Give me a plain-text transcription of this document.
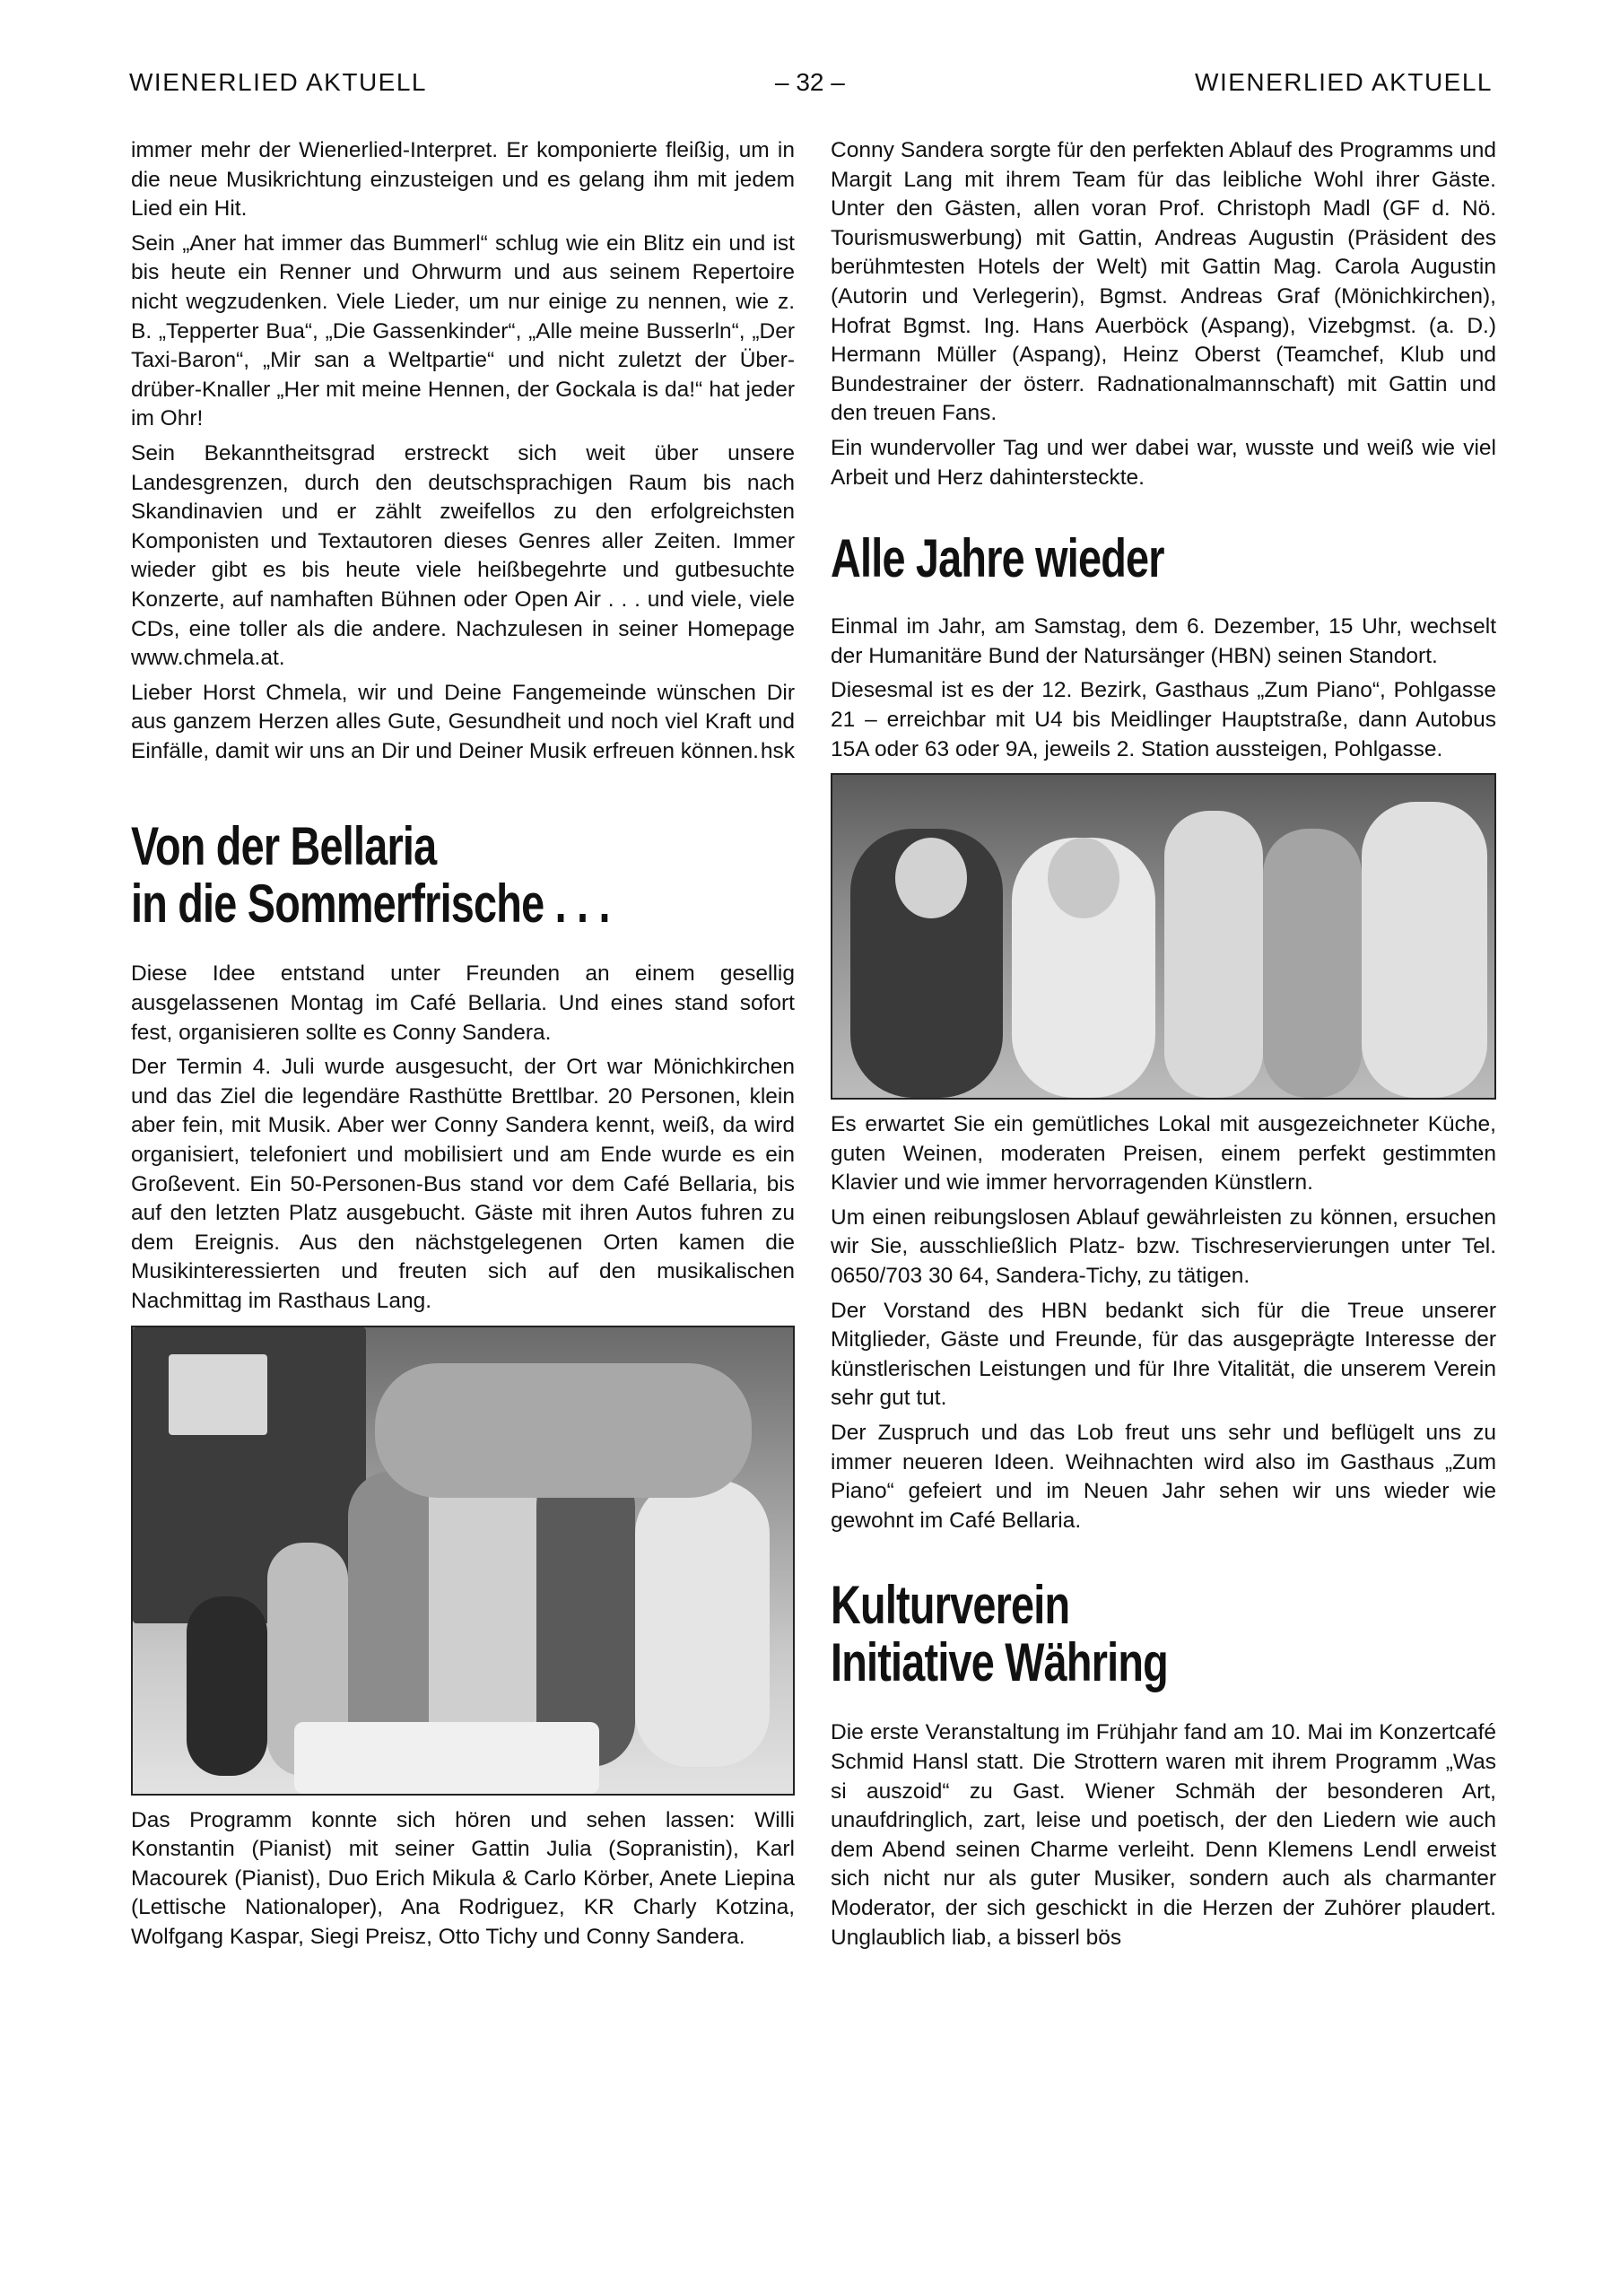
WIENERLIED AKTUELL	– 32 –	WIENERLIED AKTUELL

immer mehr der Wienerlied-Interpret. Er komponierte fleißig, um in die neue Musikrichtung einzusteigen und es gelang ihm mit jedem Lied ein Hit.

Sein „Aner hat immer das Bummerl“ schlug wie ein Blitz ein und ist bis heute ein Renner und Ohrwurm und aus seinem Repertoire nicht wegzudenken. Viele Lieder, um nur einige zu nennen, wie z. B. „Tepperter Bua“, „Die Gassenkinder“, „Alle meine Busserln“, „Der Taxi-Baron“, „Mir san a Weltpartie“ und nicht zuletzt der Über-drüber-Knaller „Her mit meine Hennen, der Gockala is da!“ hat jeder im Ohr!

Sein Bekanntheitsgrad erstreckt sich weit über unsere Landesgrenzen, durch den deutschsprachigen Raum bis nach Skandinavien und er zählt zweifellos zu den erfolgreichsten Komponisten und Textautoren dieses Genres aller Zeiten. Immer wieder gibt es bis heute viele heißbegehrte und gutbesuchte Konzerte, auf namhaften Bühnen oder Open Air . . . und viele, viele CDs, eine toller als die andere. Nachzulesen in seiner Homepage www.chmela.at.

Lieber Horst Chmela, wir und Deine Fangemeinde wünschen Dir aus ganzem Herzen alles Gute, Gesundheit und noch viel Kraft und Einfälle, damit wir uns an Dir und Deiner Musik erfreuen können. hsk

Von der Bellaria
in die Sommerfrische . . .

Diese Idee entstand unter Freunden an einem gesellig ausgelassenen Montag im Café Bellaria. Und eines stand sofort fest, organisieren sollte es Conny Sandera.

Der Termin 4. Juli wurde ausgesucht, der Ort war Mönichkirchen und das Ziel die legendäre Rasthütte Brettlbar. 20 Personen, klein aber fein, mit Musik. Aber wer Conny Sandera kennt, weiß, da wird organisiert, telefoniert und mobilisiert und am Ende wurde es ein Großevent. Ein 50-Personen-Bus stand vor dem Café Bellaria, bis auf den letzten Platz ausgebucht. Gäste mit ihren Autos fuhren zu dem Ereignis. Aus den nächstgelegenen Orten kamen die Musikinteressierten und freuten sich auf den musikalischen Nachmittag im Rasthaus Lang.

Das Programm konnte sich hören und sehen lassen: Willi Konstantin (Pianist) mit seiner Gattin Julia (Sopranistin), Karl Macourek (Pianist), Duo Erich Mikula & Carlo Körber, Anete Liepina (Lettische Nationaloper), Ana Rodriguez, KR Charly Kotzina, Wolfgang Kaspar, Siegi Preisz, Otto Tichy und Conny Sandera.

Conny Sandera sorgte für den perfekten Ablauf des Programms und Margit Lang mit ihrem Team für das leibliche Wohl ihrer Gäste. Unter den Gästen, allen voran Prof. Christoph Madl (GF d. Nö. Tourismuswerbung) mit Gattin, Andreas Augustin (Präsident des berühmtesten Hotels der Welt) mit Gattin Mag. Carola Augustin (Autorin und Verlegerin), Bgmst. Andreas Graf (Mönichkirchen), Hofrat Bgmst. Ing. Hans Auerböck (Aspang), Vizebgmst. (a. D.) Hermann Müller (Aspang), Heinz Oberst (Teamchef, Klub und Bundestrainer der österr. Radnationalmannschaft) mit Gattin und den treuen Fans.

Ein wundervoller Tag und wer dabei war, wusste und weiß wie viel Arbeit und Herz dahintersteckte.

Alle Jahre wieder

Einmal im Jahr, am Samstag, dem 6. Dezember, 15 Uhr, wechselt der Humanitäre Bund der Natursänger (HBN) seinen Standort.

Diesesmal ist es der 12. Bezirk, Gasthaus „Zum Piano“, Pohlgasse 21 – erreichbar mit U4 bis Meidlinger Hauptstraße, dann Autobus 15A oder 63 oder 9A, jeweils 2. Station aussteigen, Pohlgasse.

Es erwartet Sie ein gemütliches Lokal mit ausgezeichneter Küche, guten Weinen, moderaten Preisen, einem perfekt gestimmten Klavier und wie immer hervorragenden Künstlern.

Um einen reibungslosen Ablauf gewährleisten zu können, ersuchen wir Sie, ausschließlich Platz- bzw. Tischreservierungen unter Tel. 0650/703 30 64, Sandera-Tichy, zu tätigen.

Der Vorstand des HBN bedankt sich für die Treue unserer Mitglieder, Gäste und Freunde, für das ausgeprägte Interesse der künstlerischen Leistungen und für Ihre Vitalität, die unserem Verein sehr gut tut.

Der Zuspruch und das Lob freut uns sehr und beflügelt uns zu immer neueren Ideen. Weihnachten wird also im Gasthaus „Zum Piano“ gefeiert und im Neuen Jahr sehen wir uns wieder wie gewohnt im Café Bellaria.

Kulturverein
Initiative Währing

Die erste Veranstaltung im Frühjahr fand am 10. Mai im Konzertcafé Schmid Hansl statt. Die Strottern waren mit ihrem Programm „Was si auszoid“ zu Gast. Wiener Schmäh der besonderen Art, unaufdringlich, zart, leise und poetisch, der den Liedern wie auch dem Abend seinen Charme verleiht. Denn Klemens Lendl erweist sich nicht nur als guter Musiker, sondern auch als charmanter Moderator, der sich geschickt in die Herzen der Zuhörer plaudert. Unglaublich liab, a bisserl bös
